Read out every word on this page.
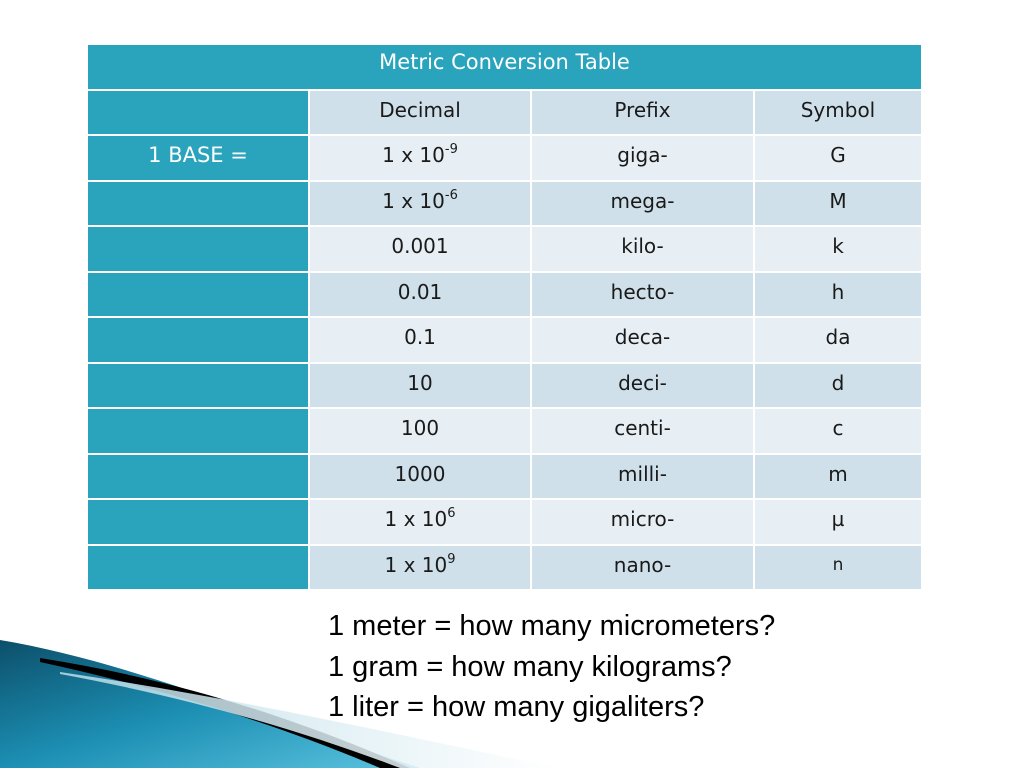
Metric Conversion Table			
	Decimal	Prefix	Symbol
1 BASE =	1 x $10^{-9}$	giga-	G
	1 x $10^{-6}$	mega-	M
	0.001	kilo-	k
	0.01	hecto-	h
	0.1	deca-	da
	10	deci-	d
	100	centi-	c
	1000	milli-	m
	1 x $10^6$	micro-	µ
	1 x $10^9$	nano-	n
1 meter = how many micrometers?
1 gram = how many kilograms?
1 liter = how many gigaliters?
